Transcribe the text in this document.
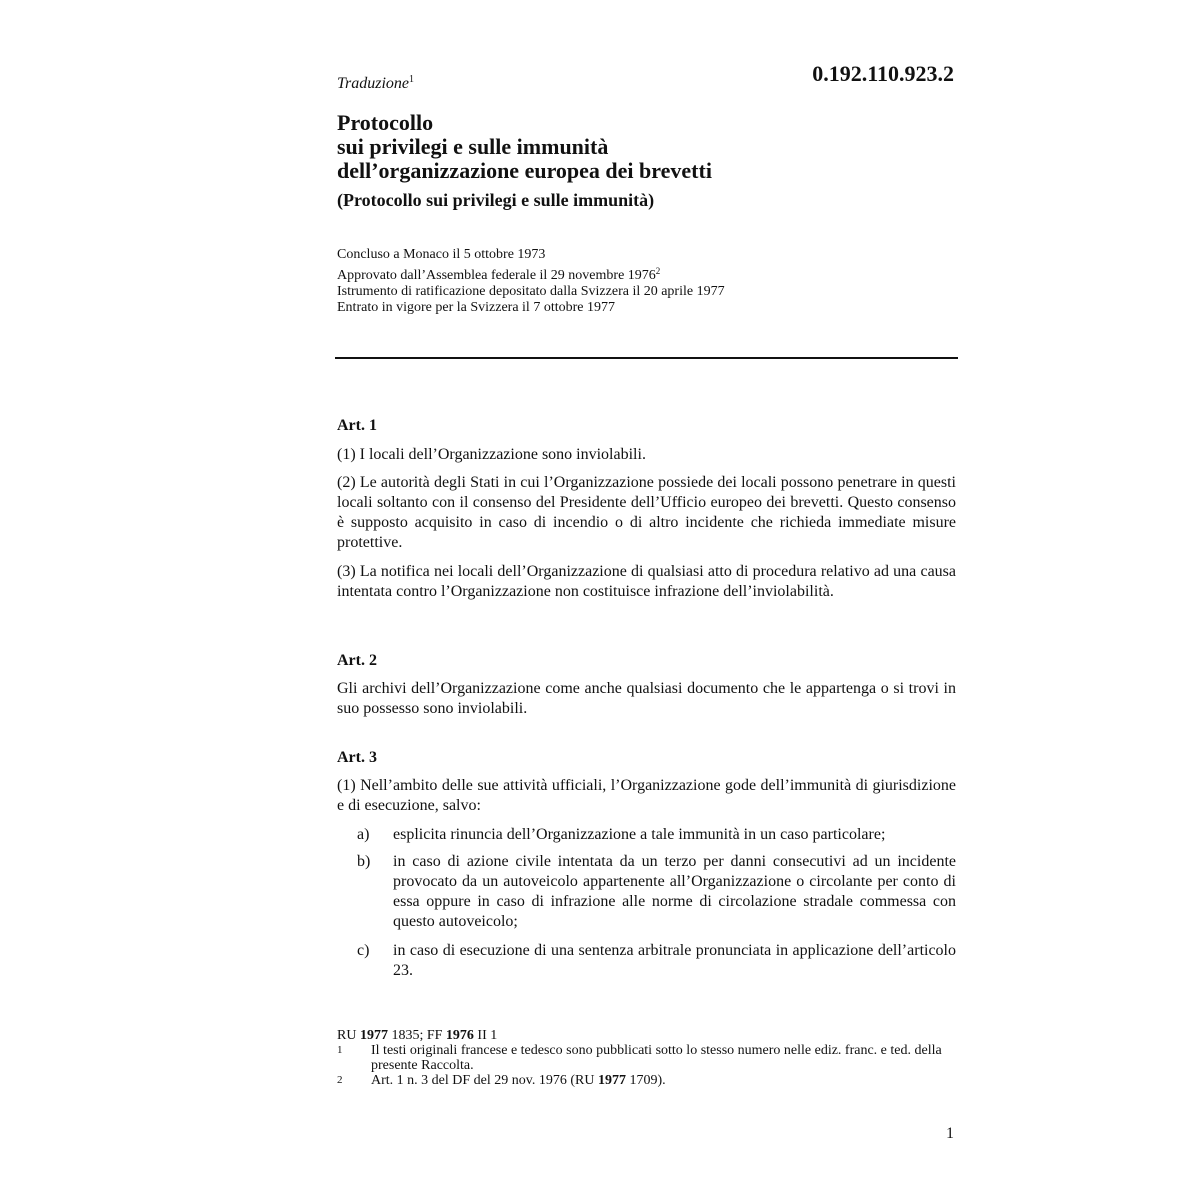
Traduzione$^1$	0.192.110.923.2
Protocollo
sui privilegi e sulle immunità
dell’organizzazione europea dei brevetti
(Protocollo sui privilegi e sulle immunità)
Concluso a Monaco il 5 ottobre 1973
Approvato dall’Assemblea federale il 29 novembre 1976$^2$
Istrumento di ratificazione depositato dalla Svizzera il 20 aprile 1977
Entrato in vigore per la Svizzera il 7 ottobre 1977
Art. 1
(1) I locali dell’Organizzazione sono inviolabili.
(2) Le autorità degli Stati in cui l’Organizzazione possiede dei locali possono penetrare in questi locali soltanto con il consenso del Presidente dell’Ufficio europeo dei brevetti. Questo consenso è supposto acquisito in caso di incendio o di altro incidente che richieda immediate misure protettive.
(3) La notifica nei locali dell’Organizzazione di qualsiasi atto di procedura relativo ad una causa intentata contro l’Organizzazione non costituisce infrazione dell’inviolabilità.
Art. 2
Gli archivi dell’Organizzazione come anche qualsiasi documento che le appartenga o si trovi in suo possesso sono inviolabili.
Art. 3
(1) Nell’ambito delle sue attività ufficiali, l’Organizzazione gode dell’immunità di giurisdizione e di esecuzione, salvo:
a)	esplicita rinuncia dell’Organizzazione a tale immunità in un caso particolare;
b)	in caso di azione civile intentata da un terzo per danni consecutivi ad un incidente provocato da un autoveicolo appartenente all’Organizzazione o circolante per conto di essa oppure in caso di infrazione alle norme di circolazione stradale commessa con questo autoveicolo;
c)	in caso di esecuzione di una sentenza arbitrale pronunciata in applicazione dell’articolo 23.
RU 1977 1835; FF 1976 II 1
1	Il testi originali francese e tedesco sono pubblicati sotto lo stesso numero nelle ediz. franc. e ted. della presente Raccolta.
2	Art. 1 n. 3 del DF del 29 nov. 1976 (RU 1977 1709).
1
